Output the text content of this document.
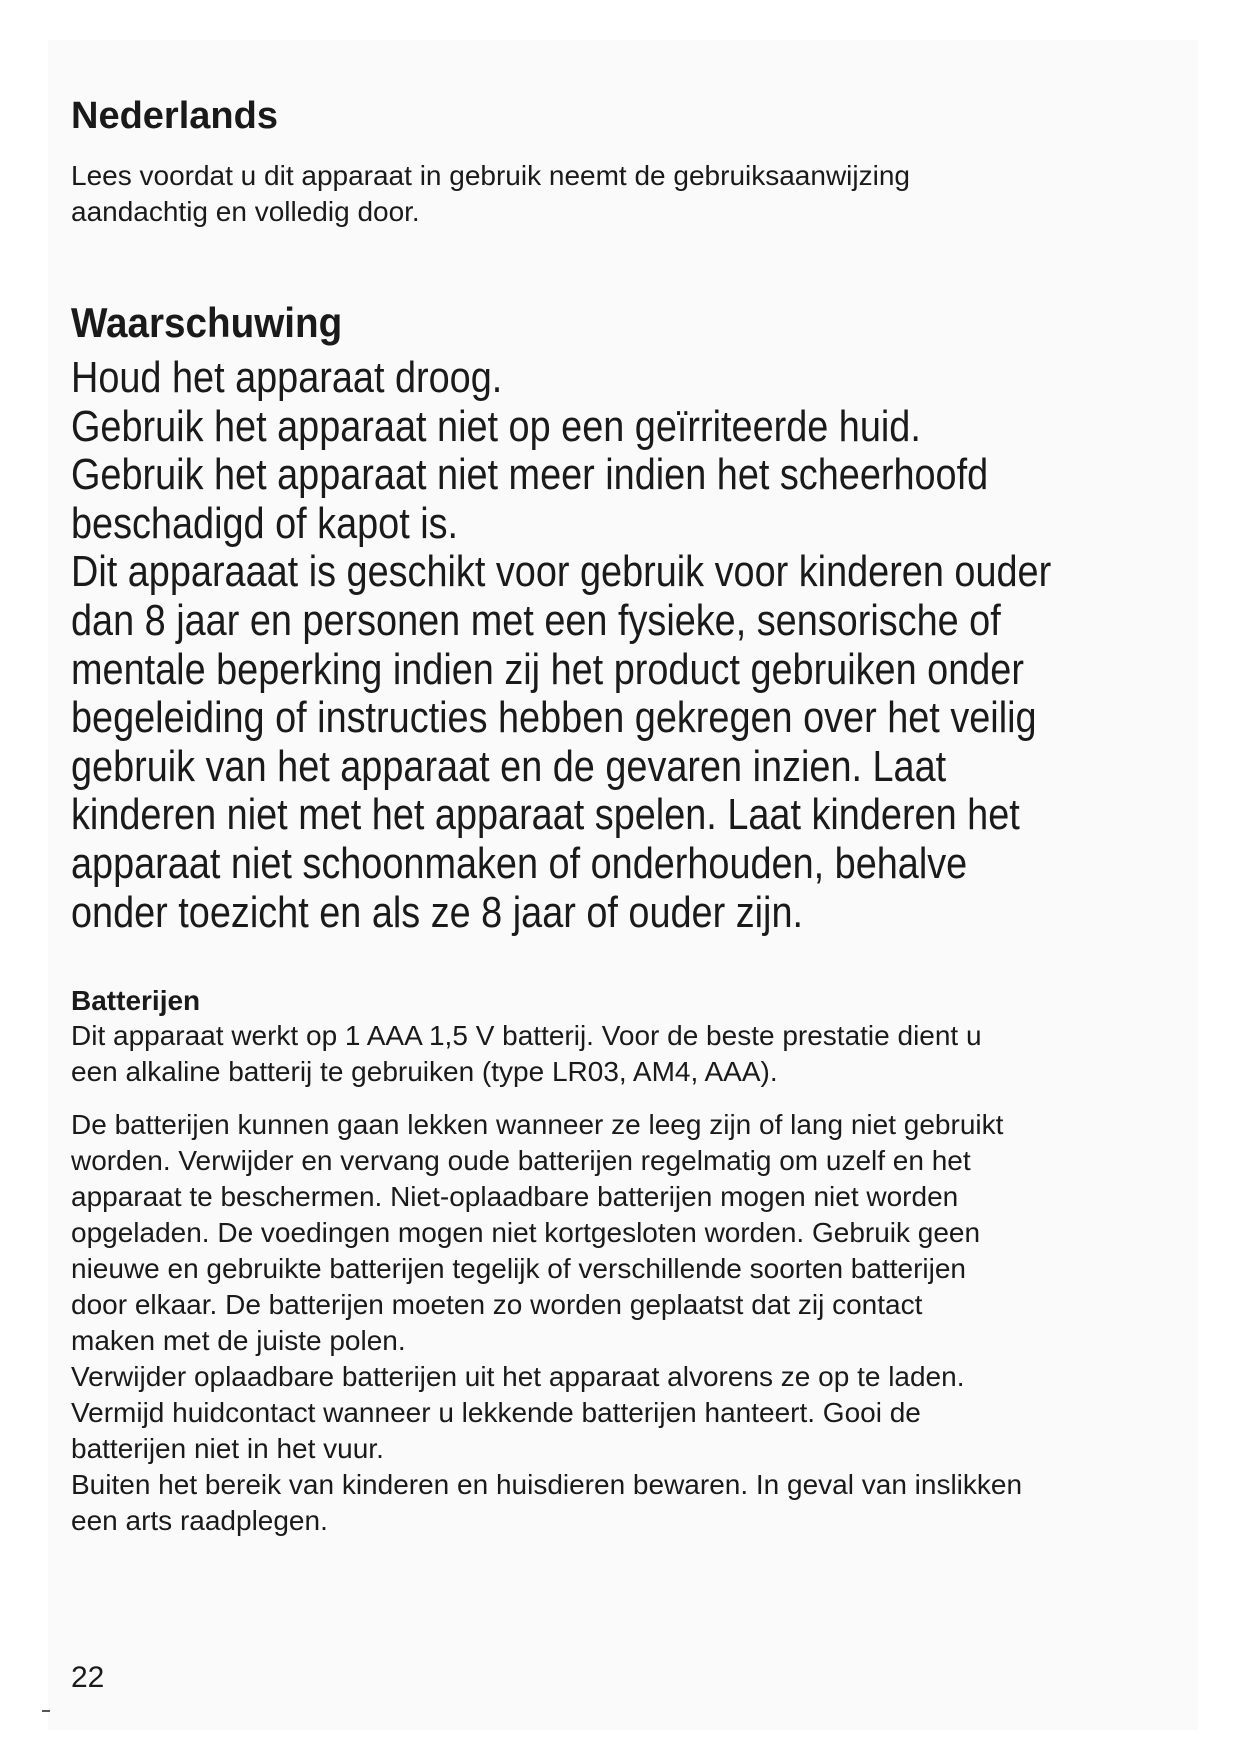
Nederlands

Lees voordat u dit apparaat in gebruik neemt de gebruiksaanwijzing
aandachtig en volledig door.

Waarschuwing

Houd het apparaat droog.
Gebruik het apparaat niet op een geïrriteerde huid.
Gebruik het apparaat niet meer indien het scheerhoofd
beschadigd of kapot is.
Dit apparaaat is geschikt voor gebruik voor kinderen ouder
dan 8 jaar en personen met een fysieke, sensorische of
mentale beperking indien zij het product gebruiken onder
begeleiding of instructies hebben gekregen over het veilig
gebruik van het apparaat en de gevaren inzien. Laat
kinderen niet met het apparaat spelen. Laat kinderen het
apparaat niet schoonmaken of onderhouden, behalve
onder toezicht en als ze 8 jaar of ouder zijn.

Batterijen

Dit apparaat werkt op 1 AAA 1,5 V batterij. Voor de beste prestatie dient u
een alkaline batterij te gebruiken (type LR03, AM4, AAA).

De batterijen kunnen gaan lekken wanneer ze leeg zijn of lang niet gebruikt
worden. Verwijder en vervang oude batterijen regelmatig om uzelf en het
apparaat te beschermen. Niet-oplaadbare batterijen mogen niet worden
opgeladen. De voedingen mogen niet kortgesloten worden. Gebruik geen
nieuwe en gebruikte batterijen tegelijk of verschillende soorten batterijen
door elkaar. De batterijen moeten zo worden geplaatst dat zij contact
maken met de juiste polen.
Verwijder oplaadbare batterijen uit het apparaat alvorens ze op te laden.
Vermijd huidcontact wanneer u lekkende batterijen hanteert. Gooi de
batterijen niet in het vuur.
Buiten het bereik van kinderen en huisdieren bewaren. In geval van inslikken
een arts raadplegen.

22
